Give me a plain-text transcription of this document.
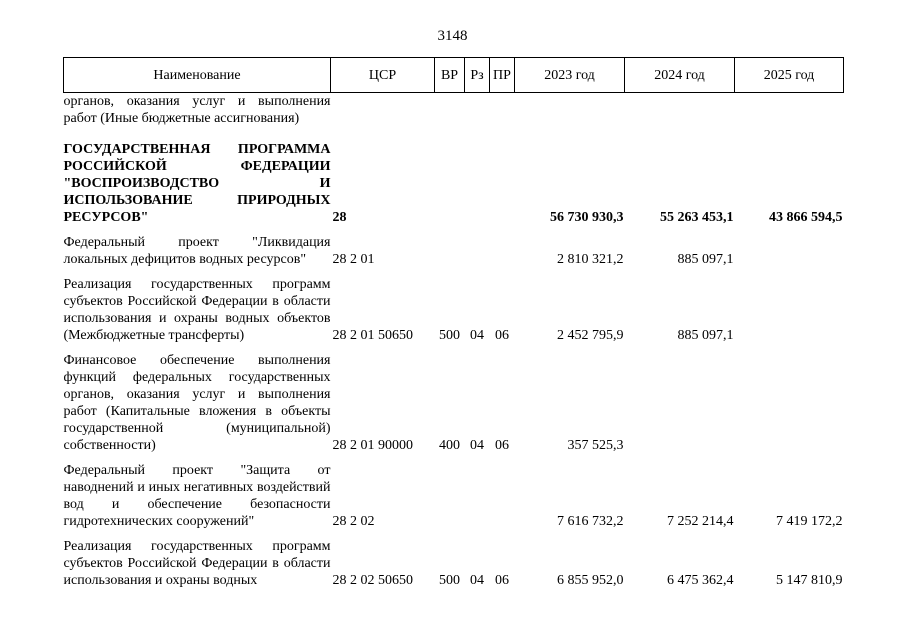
3148
Наименование	ЦСР	ВР	Рз	ПР	2023 год	2024 год	2025 год
органов, оказания услуг и выполнения работ (Иные бюджетные ассигнования)							

ГОСУДАРСТВЕННАЯ ПРОГРАММА РОССИЙСКОЙ ФЕДЕРАЦИИ "ВОСПРОИЗВОДСТВО И ИСПОЛЬЗОВАНИЕ ПРИРОДНЫХ РЕСУРСОВ"	28				56 730 930,3	55 263 453,1	43 866 594,5

Федеральный проект "Ликвидация локальных дефицитов водных ресурсов"	28 2 01				2 810 321,2	885 097,1	

Реализация государственных программ субъектов Российской Федерации в области использования и охраны водных объектов (Межбюджетные трансферты)	28 2 01 50650	500	04	06	2 452 795,9	885 097,1	

Финансовое обеспечение выполнения функций федеральных государственных органов, оказания услуг и выполнения работ (Капитальные вложения в объекты государственной (муниципальной) собственности)	28 2 01 90000	400	04	06	357 525,3		

Федеральный проект "Защита от наводнений и иных негативных воздействий вод и обеспечение безопасности гидротехнических сооружений"	28 2 02				7 616 732,2	7 252 214,4	7 419 172,2

Реализация государственных программ субъектов Российской Федерации в области использования и охраны водных	28 2 02 50650	500	04	06	6 855 952,0	6 475 362,4	5 147 810,9
